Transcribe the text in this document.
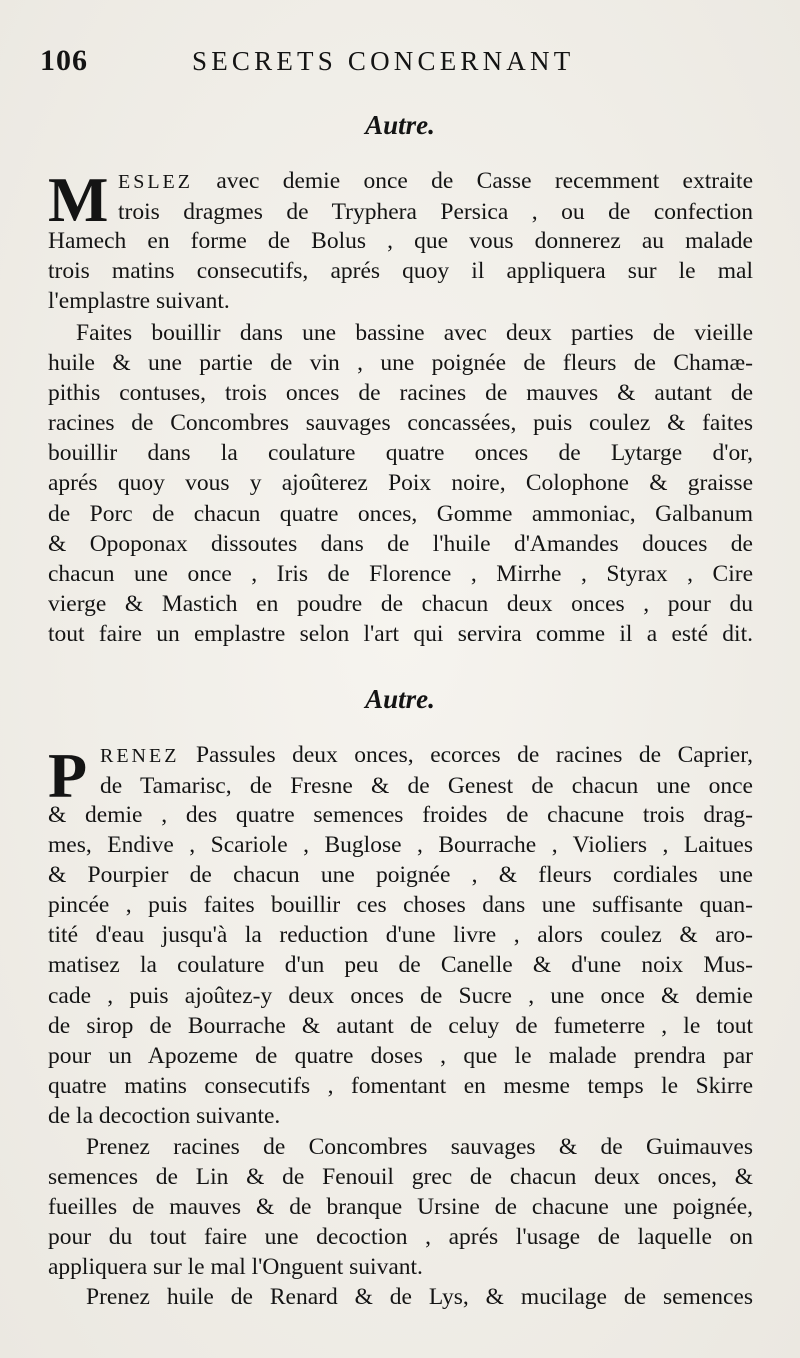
106	SECRETS CONCERNANT
Autre.
M ESLEZ avec demie once de Casse recemment extraite
trois dragmes de Tryphera Persica , ou de confection
Hamech en forme de Bolus , que vous donnerez au malade
trois matins consecutifs, aprés quoy il appliquera sur le mal
l'emplastre suivant.
Faites bouillir dans une bassine avec deux parties de vieille
huile & une partie de vin , une poignée de fleurs de Chamæ-
pithis contuses, trois onces de racines de mauves & autant de
racines de Concombres sauvages concassées, puis coulez & faites
bouillir dans la coulature quatre onces de Lytarge d'or,
aprés quoy vous y ajoûterez Poix noire, Colophone & graisse
de Porc de chacun quatre onces, Gomme ammoniac, Galbanum
& Opoponax dissoutes dans de l'huile d'Amandes douces de
chacun une once , Iris de Florence , Mirrhe , Styrax , Cire
vierge & Mastich en poudre de chacun deux onces , pour du
tout faire un emplastre selon l'art qui servira comme il a esté dit.
Autre.
P RENEZ Passules deux onces, ecorces de racines de Caprier,
de Tamarisc, de Fresne & de Genest de chacun une once
& demie , des quatre semences froides de chacune trois drag-
mes, Endive , Scariole , Buglose , Bourrache , Violiers , Laitues
& Pourpier de chacun une poignée , & fleurs cordiales une
pincée , puis faites bouillir ces choses dans une suffisante quan-
tité d'eau jusqu'à la reduction d'une livre , alors coulez & aro-
matisez la coulature d'un peu de Canelle & d'une noix Mus-
cade , puis ajoûtez-y deux onces de Sucre , une once & demie
de sirop de Bourrache & autant de celuy de fumeterre , le tout
pour un Apozeme de quatre doses , que le malade prendra par
quatre matins consecutifs , fomentant en mesme temps le Skirre
de la decoction suivante.
Prenez racines de Concombres sauvages & de Guimauves
semences de Lin & de Fenouil grec de chacun deux onces, &
fueilles de mauves & de branque Ursine de chacune une poignée,
pour du tout faire une decoction , aprés l'usage de laquelle on
appliquera sur le mal l'Onguent suivant.
Prenez huile de Renard & de Lys, & mucilage de semences
